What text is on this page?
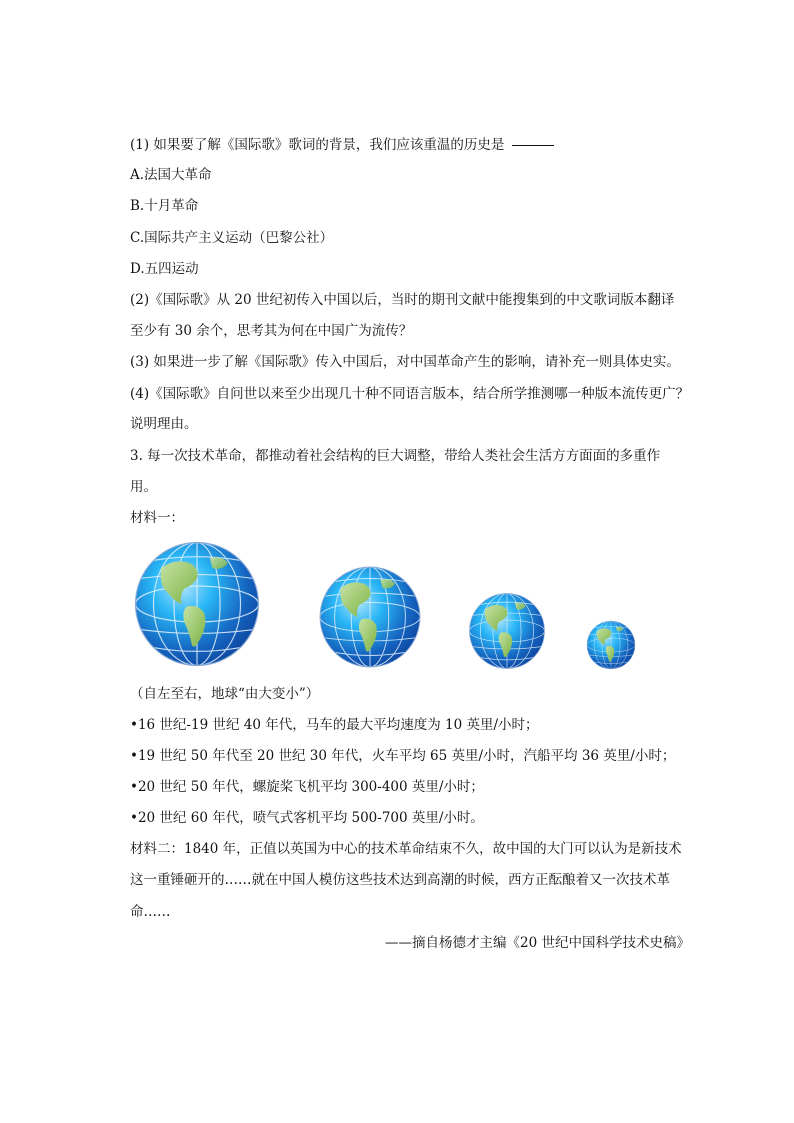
(1) 如果要了解《国际歌》歌词的背景，我们应该重温的历史是
A.法国大革命
B.十月革命
C.国际共产主义运动（巴黎公社）
D.五四运动
(2)《国际歌》从 20 世纪初传入中国以后，当时的期刊文献中能搜集到的中文歌词版本翻译
至少有 30 余个，思考其为何在中国广为流传？
(3) 如果进一步了解《国际歌》传入中国后，对中国革命产生的影响，请补充一则具体史实。
(4)《国际歌》自问世以来至少出现几十种不同语言版本，结合所学推测哪一种版本流传更广？
说明理由。
3. 每一次技术革命，都推动着社会结构的巨大调整，带给人类社会生活方方面面的多重作
用。
材料一：
（自左至右，地球“由大变小”）
•16 世纪-19 世纪 40 年代，马车的最大平均速度为 10 英里/小时；
•19 世纪 50 年代至 20 世纪 30 年代，火车平均 65 英里/小时，汽船平均 36 英里/小时；
•20 世纪 50 年代，螺旋桨飞机平均 300-400 英里/小时；
•20 世纪 60 年代，喷气式客机平均 500-700 英里/小时。
材料二：1840 年，正值以英国为中心的技术革命结束不久，故中国的大门可以认为是新技术
这一重锤砸开的……就在中国人模仿这些技术达到高潮的时候，西方正酝酿着又一次技术革
命……
——摘自杨德才主编《20 世纪中国科学技术史稿》
